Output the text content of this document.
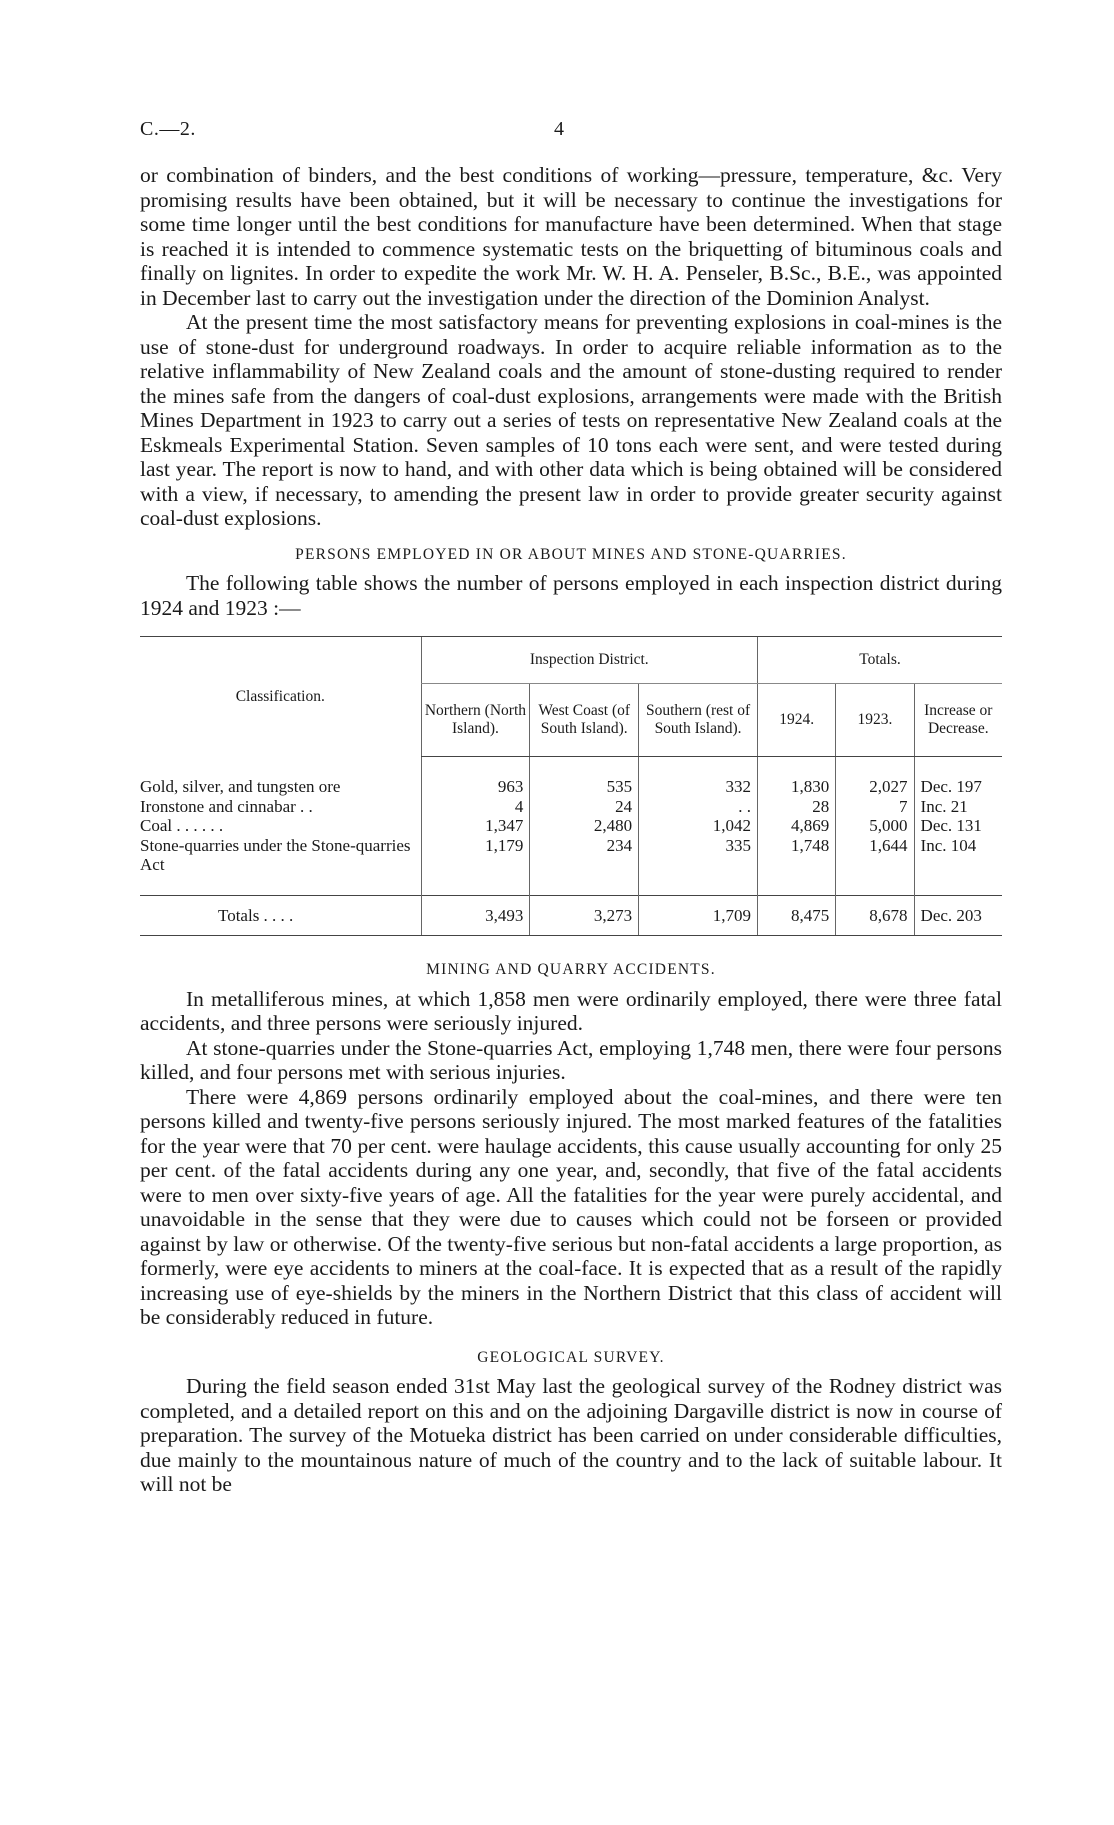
C.—2.	4

or combination of binders, and the best conditions of working—pressure, temperature, &c. Very promising results have been obtained, but it will be necessary to continue the investigations for some time longer until the best conditions for manufacture have been determined. When that stage is reached it is intended to commence systematic tests on the briquetting of bituminous coals and finally on lignites. In order to expedite the work Mr. W. H. A. Penseler, B.Sc., B.E., was appointed in December last to carry out the investigation under the direction of the Dominion Analyst.

At the present time the most satisfactory means for preventing explosions in coal-mines is the use of stone-dust for underground roadways. In order to acquire reliable information as to the relative inflammability of New Zealand coals and the amount of stone-dusting required to render the mines safe from the dangers of coal-dust explosions, arrangements were made with the British Mines Department in 1923 to carry out a series of tests on representative New Zealand coals at the Eskmeals Experimental Station. Seven samples of 10 tons each were sent, and were tested during last year. The report is now to hand, and with other data which is being obtained will be considered with a view, if necessary, to amending the present law in order to provide greater security against coal-dust explosions.

PERSONS EMPLOYED IN OR ABOUT MINES AND STONE-QUARRIES.

The following table shows the number of persons employed in each inspection district during 1924 and 1923 :—

Classification.	Inspection District.			Totals.		
	Northern (North Island).	West Coast (of South Island).	Southern (rest of South Island).	1924.	1923.	Increase or Decrease.
Gold, silver, and tungsten ore	963	535	332	1,830	2,027	Dec. 197
Ironstone and cinnabar . .	4	24	. .	28	7	Inc. 21
Coal . . . . . .	1,347	2,480	1,042	4,869	5,000	Dec. 131
Stone-quarries under the Stone-quarries Act	1,179	234	335	1,748	1,644	Inc. 104
Totals . . . .	3,493	3,273	1,709	8,475	8,678	Dec. 203
MINING AND QUARRY ACCIDENTS.

In metalliferous mines, at which 1,858 men were ordinarily employed, there were three fatal accidents, and three persons were seriously injured.

At stone-quarries under the Stone-quarries Act, employing 1,748 men, there were four persons killed, and four persons met with serious injuries.

There were 4,869 persons ordinarily employed about the coal-mines, and there were ten persons killed and twenty-five persons seriously injured. The most marked features of the fatalities for the year were that 70 per cent. were haulage accidents, this cause usually accounting for only 25 per cent. of the fatal accidents during any one year, and, secondly, that five of the fatal accidents were to men over sixty-five years of age. All the fatalities for the year were purely accidental, and unavoidable in the sense that they were due to causes which could not be forseen or provided against by law or otherwise. Of the twenty-five serious but non-fatal accidents a large proportion, as formerly, were eye accidents to miners at the coal-face. It is expected that as a result of the rapidly increasing use of eye-shields by the miners in the Northern District that this class of accident will be considerably reduced in future.

GEOLOGICAL SURVEY.

During the field season ended 31st May last the geological survey of the Rodney district was completed, and a detailed report on this and on the adjoining Dargaville district is now in course of preparation. The survey of the Motueka district has been carried on under considerable difficulties, due mainly to the mountainous nature of much of the country and to the lack of suitable labour. It will not be
